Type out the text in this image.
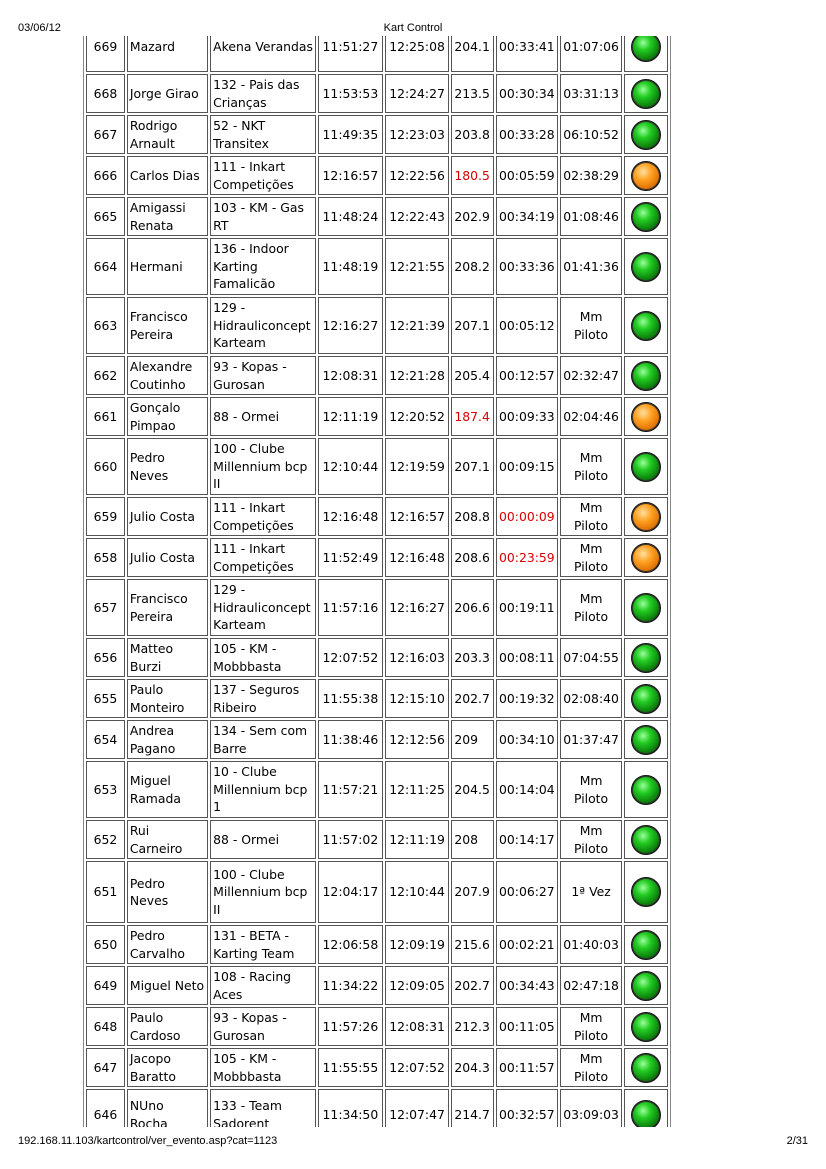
03/06/12	Kart Control
669	Mazard	Akena Verandas	11:51:27	12:25:08	204.1	00:33:41	01:07:06	
668	Jorge Girao	132 - Pais das Crianças	11:53:53	12:24:27	213.5	00:30:34	03:31:13	
667	Rodrigo Arnault	52 - NKT Transitex	11:49:35	12:23:03	203.8	00:33:28	06:10:52	
666	Carlos Dias	111 - Inkart Competições	12:16:57	12:22:56	180.5	00:05:59	02:38:29	
665	Amigassi Renata	103 - KM - Gas RT	11:48:24	12:22:43	202.9	00:34:19	01:08:46	
664	Hermani	136 - Indoor Karting Famalicão	11:48:19	12:21:55	208.2	00:33:36	01:41:36	
663	Francisco Pereira	129 - Hidrauliconcept Karteam	12:16:27	12:21:39	207.1	00:05:12	Mm Piloto	
662	Alexandre Coutinho	93 - Kopas - Gurosan	12:08:31	12:21:28	205.4	00:12:57	02:32:47	
661	Gonçalo Pimpao	88 - Ormei	12:11:19	12:20:52	187.4	00:09:33	02:04:46	
660	Pedro Neves	100 - Clube Millennium bcp II	12:10:44	12:19:59	207.1	00:09:15	Mm Piloto	
659	Julio Costa	111 - Inkart Competições	12:16:48	12:16:57	208.8	00:00:09	Mm Piloto	
658	Julio Costa	111 - Inkart Competições	11:52:49	12:16:48	208.6	00:23:59	Mm Piloto	
657	Francisco Pereira	129 - Hidrauliconcept Karteam	11:57:16	12:16:27	206.6	00:19:11	Mm Piloto	
656	Matteo Burzi	105 - KM - Mobbbasta	12:07:52	12:16:03	203.3	00:08:11	07:04:55	
655	Paulo Monteiro	137 - Seguros Ribeiro	11:55:38	12:15:10	202.7	00:19:32	02:08:40	
654	Andrea Pagano	134 - Sem com Barre	11:38:46	12:12:56	209	00:34:10	01:37:47	
653	Miguel Ramada	10 - Clube Millennium bcp 1	11:57:21	12:11:25	204.5	00:14:04	Mm Piloto	
652	Rui Carneiro	88 - Ormei	11:57:02	12:11:19	208	00:14:17	Mm Piloto	
651	Pedro Neves	100 - Clube Millennium bcp II	12:04:17	12:10:44	207.9	00:06:27	1ª Vez	
650	Pedro Carvalho	131 - BETA - Karting Team	12:06:58	12:09:19	215.6	00:02:21	01:40:03	
649	Miguel Neto	108 - Racing Aces	11:34:22	12:09:05	202.7	00:34:43	02:47:18	
648	Paulo Cardoso	93 - Kopas - Gurosan	11:57:26	12:08:31	212.3	00:11:05	Mm Piloto	
647	Jacopo Baratto	105 - KM - Mobbbasta	11:55:55	12:07:52	204.3	00:11:57	Mm Piloto	
646	NUno Rocha	133 - Team Sadorent	11:34:50	12:07:47	214.7	00:32:57	03:09:03	
192.168.11.103/kartcontrol/ver_evento.asp?cat=1123	2/31
